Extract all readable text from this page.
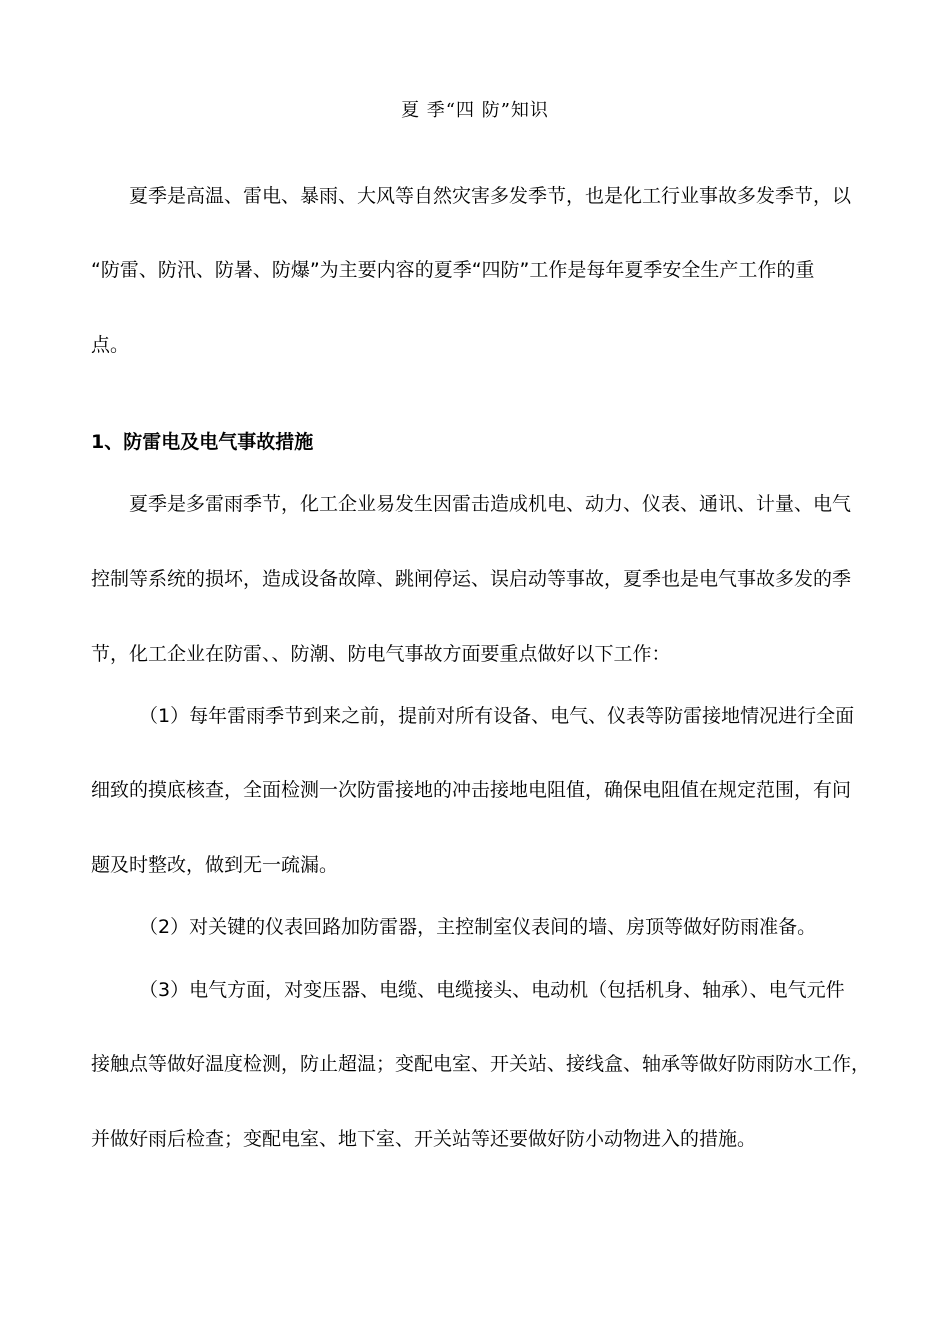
夏 季“四 防”知识
夏季是高温、雷电、暴雨、大风等自然灾害多发季节，也是化工行业事故多发季节，以
“防雷、防汛、防暑、防爆”为主要内容的夏季“四防”工作是每年夏季安全生产工作的重
点。
1、防雷电及电气事故措施
夏季是多雷雨季节，化工企业易发生因雷击造成机电、动力、仪表、通讯、计量、电气
控制等系统的损坏，造成设备故障、跳闸停运、误启动等事故，夏季也是电气事故多发的季
节，化工企业在防雷、、防潮、防电气事故方面要重点做好以下工作：
（1）每年雷雨季节到来之前，提前对所有设备、电气、仪表等防雷接地情况进行全面
细致的摸底核查，全面检测一次防雷接地的冲击接地电阻值，确保电阻值在规定范围，有问
题及时整改，做到无一疏漏。
（2）对关键的仪表回路加防雷器，主控制室仪表间的墙、房顶等做好防雨准备。
（3）电气方面，对变压器、电缆、电缆接头、电动机（包括机身、轴承）、电气元件
接触点等做好温度检测，防止超温；变配电室、开关站、接线盒、轴承等做好防雨防水工作，
并做好雨后检查；变配电室、地下室、开关站等还要做好防小动物进入的措施。
